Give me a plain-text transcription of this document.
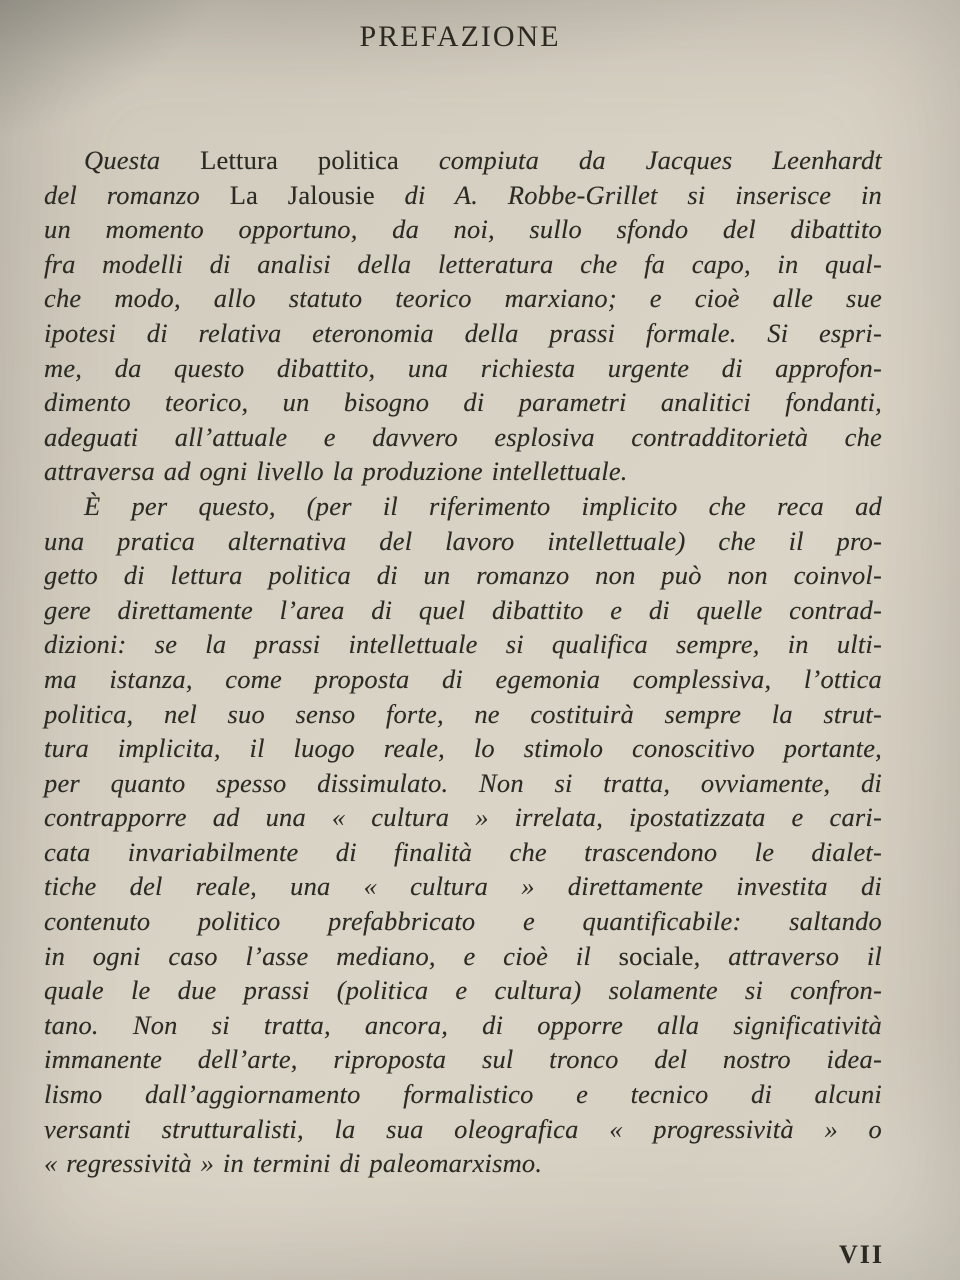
PREFAZIONE
Questa Lettura politica compiuta da Jacques Leenhardt
del romanzo La Jalousie di A. Robbe-Grillet si inserisce in
un momento opportuno, da noi, sullo sfondo del dibattito
fra modelli di analisi della letteratura che fa capo, in qual-
che modo, allo statuto teorico marxiano; e cioè alle sue
ipotesi di relativa eteronomia della prassi formale. Si espri-
me, da questo dibattito, una richiesta urgente di approfon-
dimento teorico, un bisogno di parametri analitici fondanti,
adeguati all’attuale e davvero esplosiva contradditorietà che
attraversa ad ogni livello la produzione intellettuale.
È per questo, (per il riferimento implicito che reca ad
una pratica alternativa del lavoro intellettuale) che il pro-
getto di lettura politica di un romanzo non può non coinvol-
gere direttamente l’area di quel dibattito e di quelle contrad-
dizioni: se la prassi intellettuale si qualifica sempre, in ulti-
ma istanza, come proposta di egemonia complessiva, l’ottica
politica, nel suo senso forte, ne costituirà sempre la strut-
tura implicita, il luogo reale, lo stimolo conoscitivo portante,
per quanto spesso dissimulato. Non si tratta, ovviamente, di
contrapporre ad una « cultura » irrelata, ipostatizzata e cari-
cata invariabilmente di finalità che trascendono le dialet-
tiche del reale, una « cultura » direttamente investita di
contenuto politico prefabbricato e quantificabile: saltando
in ogni caso l’asse mediano, e cioè il sociale, attraverso il
quale le due prassi (politica e cultura) solamente si confron-
tano. Non si tratta, ancora, di opporre alla significatività
immanente dell’arte, riproposta sul tronco del nostro idea-
lismo dall’aggiornamento formalistico e tecnico di alcuni
versanti strutturalisti, la sua oleografica « progressività » o
« regressività » in termini di paleomarxismo.
VII
